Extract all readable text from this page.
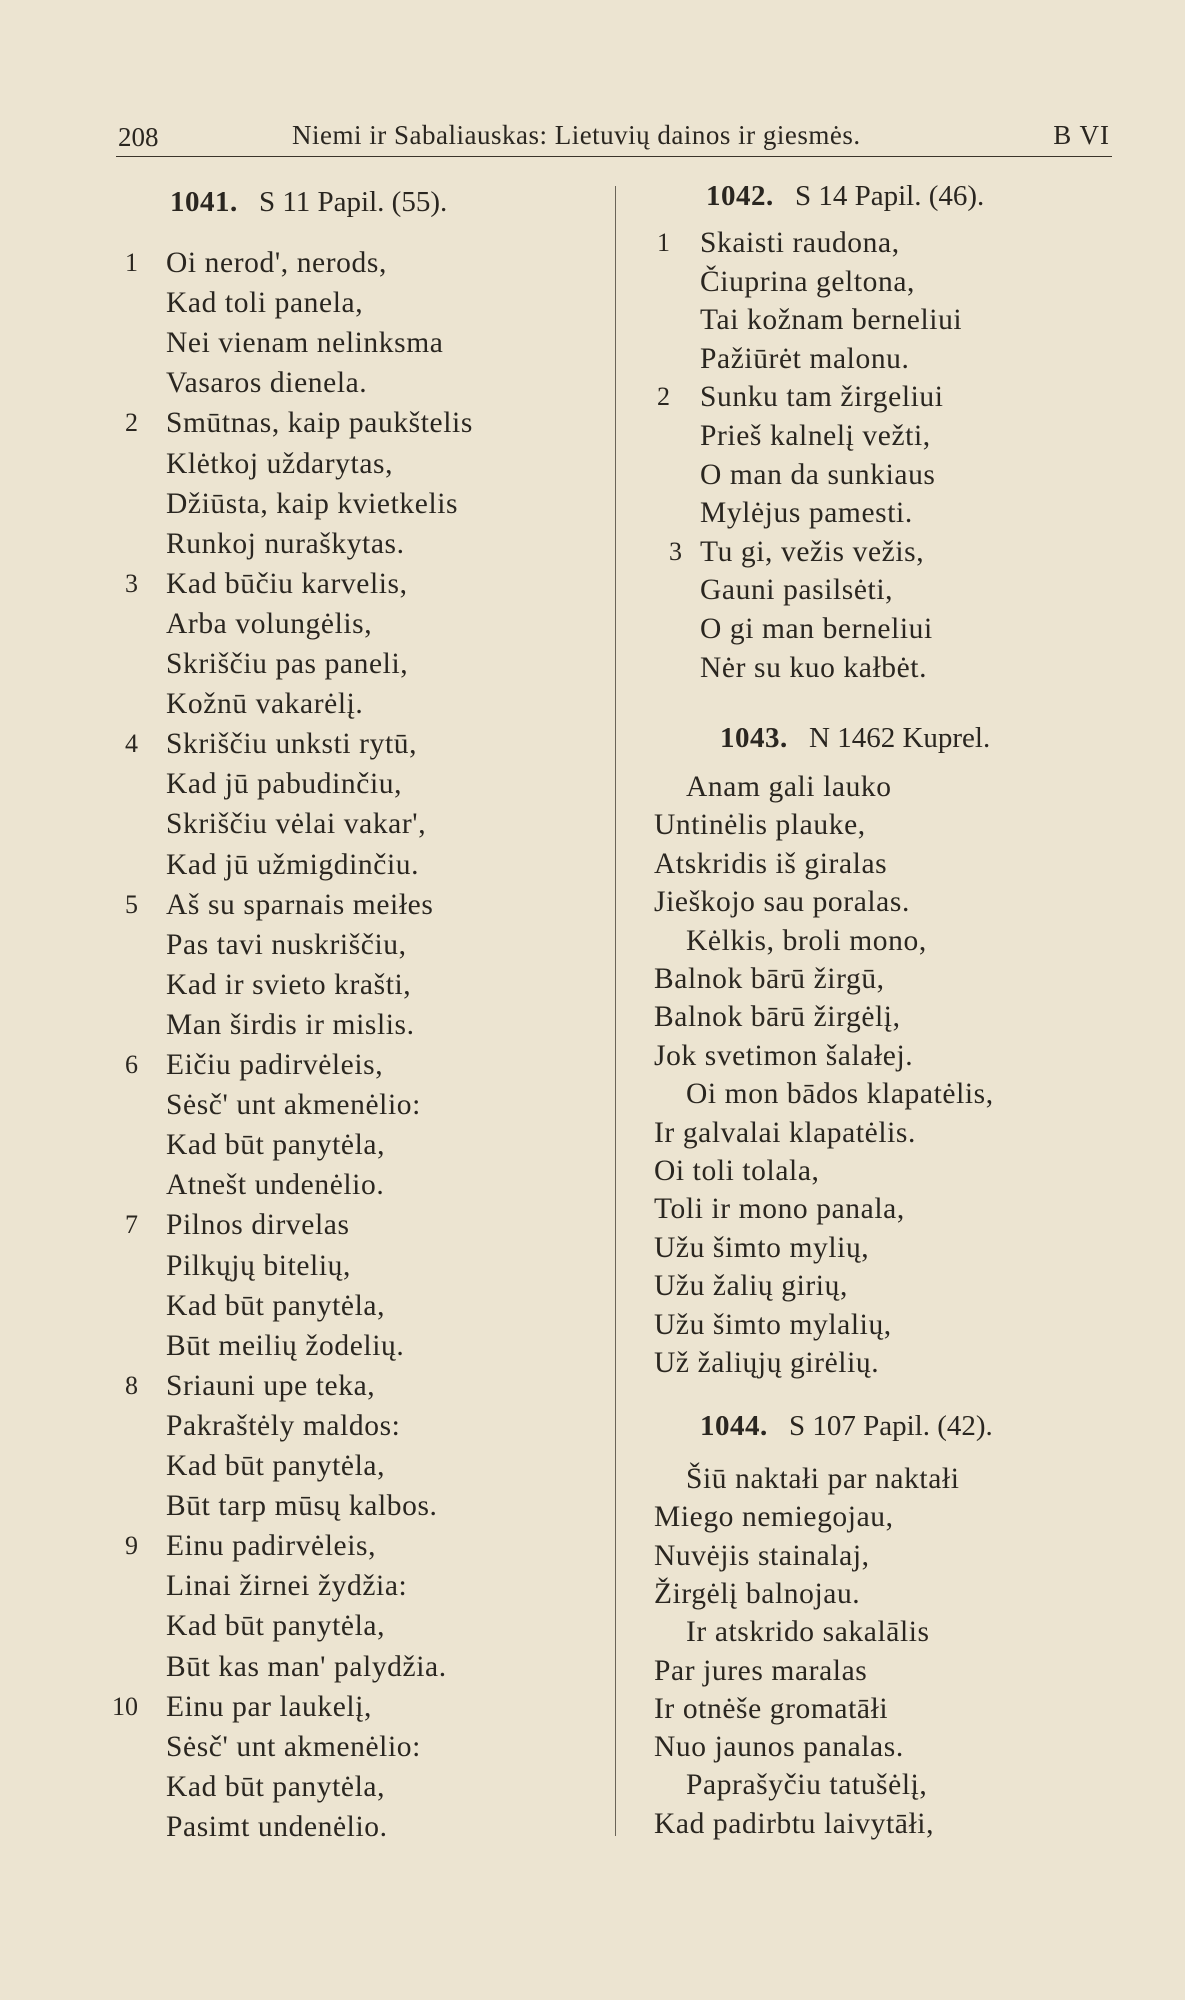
208	Niemi ir Sabaliauskas: Lietuvių dainos ir giesmės.	B VI
1041. S 11 Papil. (55).
1 Oi nerod', nerods,
Kad toli panela,
Nei vienam nelinksma
Vasaros dienela.
2 Smūtnas, kaip paukštelis
Klėtkoj uždarytas,
Džiūsta, kaip kvietkelis
Runkoj nuraškytas.
3 Kad būčiu karvelis,
Arba volungėlis,
Skriščiu pas paneli,
Kožnū vakarėlį.
4 Skriščiu unksti rytū,
Kad jū pabudinčiu,
Skriščiu vėlai vakar',
Kad jū užmigdinčiu.
5 Aš su sparnais meiłes
Pas tavi nuskriščiu,
Kad ir svieto krašti,
Man širdis ir mislis.
6 Eičiu padirvėleis,
Sėsč' unt akmenėlio:
Kad būt panytėla,
Atnešt undenėlio.
7 Pilnos dirvelas
Pilkųjų bitelių,
Kad būt panytėla,
Būt meilių žodelių.
8 Sriauni upe teka,
Pakraštėly maldos:
Kad būt panytėla,
Būt tarp mūsų kalbos.
9 Einu padirvėleis,
Linai žirnei žydžia:
Kad būt panytėla,
Būt kas man' palydžia.
10 Einu par laukelį,
Sėsč' unt akmenėlio:
Kad būt panytėla,
Pasimt undenėlio.
1042. S 14 Papil. (46).
1 Skaisti raudona,
Čiuprina geltona,
Tai kožnam berneliui
Pažiūrėt malonu.
2 Sunku tam žirgeliui
Prieš kalnelį vežti,
O man da sunkiaus
Mylėjus pamesti.
3 Tu gi, vežis vežis,
Gauni pasilsėti,
O gi man berneliui
Nėr su kuo kałbėt.
1043. N 1462 Kuprel.
Anam gali lauko
Untinėlis plauke,
Atskridis iš giralas
Jieškojo sau poralas.
Kėlkis, broli mono,
Balnok bārū žirgū,
Balnok bārū žirgėlį,
Jok svetimon šalałej.
Oi mon bādos klapatėlis,
Ir galvalai klapatėlis.
Oi toli tolala,
Toli ir mono panala,
Užu šimto mylių,
Užu žalių girių,
Užu šimto mylalių,
Už žaliųjų girėlių.
1044. S 107 Papil. (42).
Šiū naktałi par naktałi
Miego nemiegojau,
Nuvėjis stainalaj,
Žirgėlį balnojau.
Ir atskrido sakalālis
Par jures maralas
Ir otnėše gromatāłi
Nuo jaunos panalas.
Paprašyčiu tatušėlį,
Kad padirbtu laivytāłi,
